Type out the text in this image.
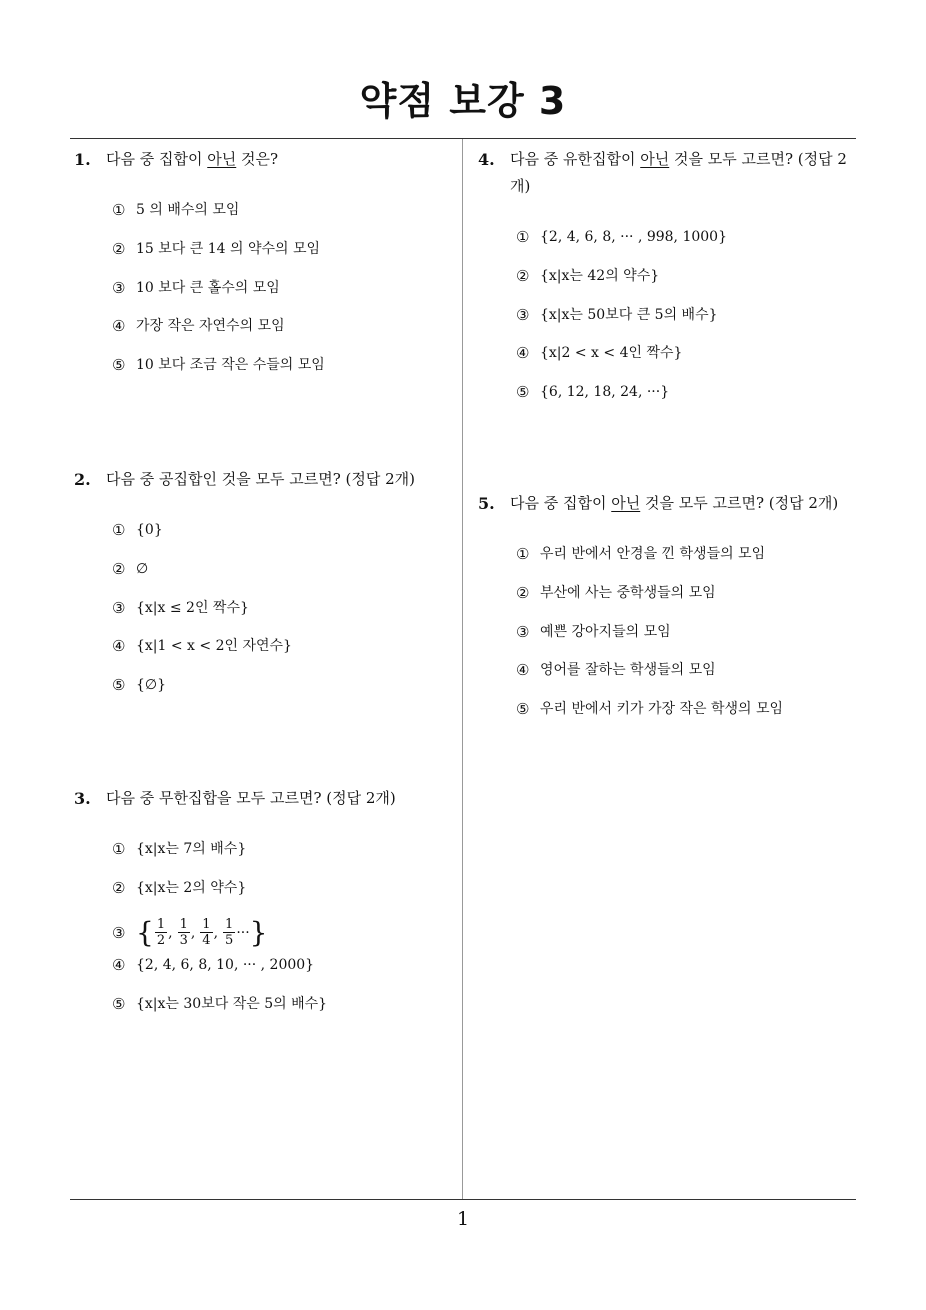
약점 보강 3
1. 다음 중 집합이 아닌 것은?
① 5 의 배수의 모임
② 15 보다 큰 14 의 약수의 모임
③ 10 보다 큰 홀수의 모임
④ 가장 작은 자연수의 모임
⑤ 10 보다 조금 작은 수들의 모임
2. 다음 중 공집합인 것을 모두 고르면? (정답 2개)
① {0}
② ∅
③ {x|x ≤ 2인 짝수}
④ {x|1 < x < 2인 자연수}
⑤ {∅}
3. 다음 중 무한집합을 모두 고르면? (정답 2개)
① {x|x는 7의 배수}
② {x|x는 2의 약수}
③ { $\frac{1}{2}$ , $\frac{1}{3}$ , $\frac{1}{4}$ , $\frac{1}{5}$ ··· }
④ {2, 4, 6, 8, 10, ··· , 2000}
⑤ {x|x는 30보다 작은 5의 배수}
4. 다음 중 유한집합이 아닌 것을 모두 고르면? (정답 2개)
① {2, 4, 6, 8, ··· , 998, 1000}
② {x|x는 42의 약수}
③ {x|x는 50보다 큰 5의 배수}
④ {x|2 < x < 4인 짝수}
⑤ {6, 12, 18, 24, ···}
5. 다음 중 집합이 아닌 것을 모두 고르면? (정답 2개)
① 우리 반에서 안경을 낀 학생들의 모임
② 부산에 사는 중학생들의 모임
③ 예쁜 강아지들의 모임
④ 영어를 잘하는 학생들의 모임
⑤ 우리 반에서 키가 가장 작은 학생의 모임
1
